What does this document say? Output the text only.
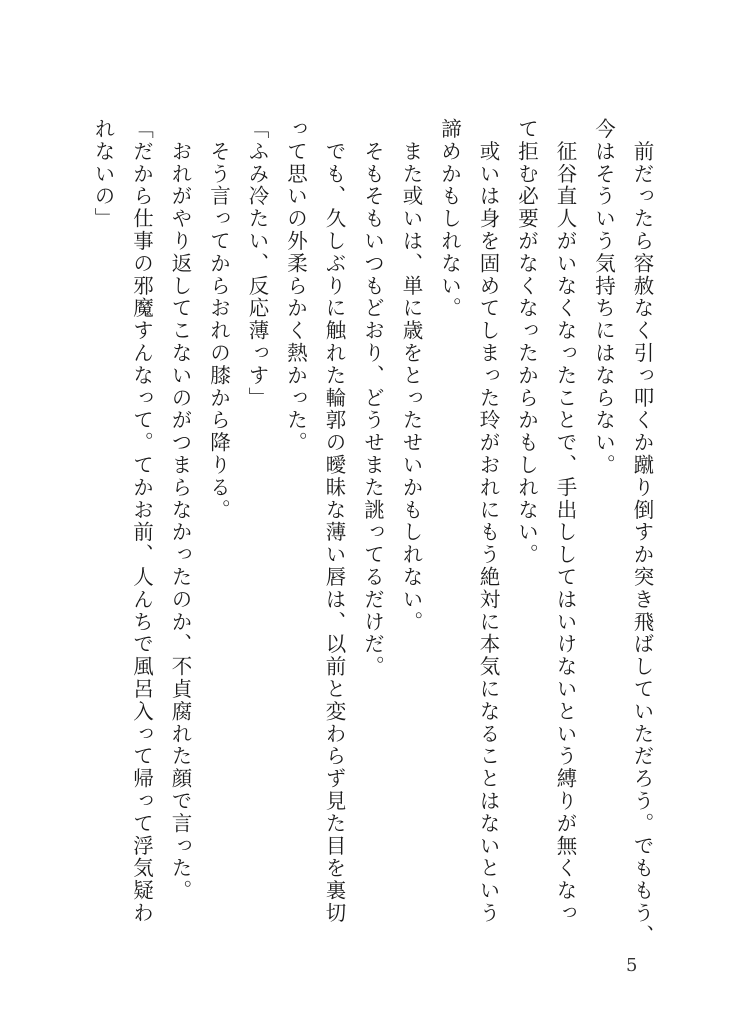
　前だったら容赦なく引っ叩くか蹴り倒すか突き飛ばしていただろう。でももう、
今はそういう気持ちにはならない。
　征谷直人がいなくなったことで、手出ししてはいけないという縛りが無くなっ
て拒む必要がなくなったからかもしれない。
　或いは身を固めてしまった玲がおれにもう絶対に本気になることはないという
諦めかもしれない。
　また或いは、単に歳をとったせいかもしれない。
　そもそもいつもどおり、どうせまた誂ってるだけだ。
　でも、久しぶりに触れた輪郭の曖昧な薄い唇は、以前と変わらず見た目を裏切
って思いの外柔らかく熱かった。
「ふみ冷たい、反応薄っす」
　そう言ってからおれの膝から降りる。
　おれがやり返してこないのがつまらなかったのか、不貞腐れた顔で言った。
「だから仕事の邪魔すんなって。てかお前、人んちで風呂入って帰って浮気疑わ
れないの」
5
